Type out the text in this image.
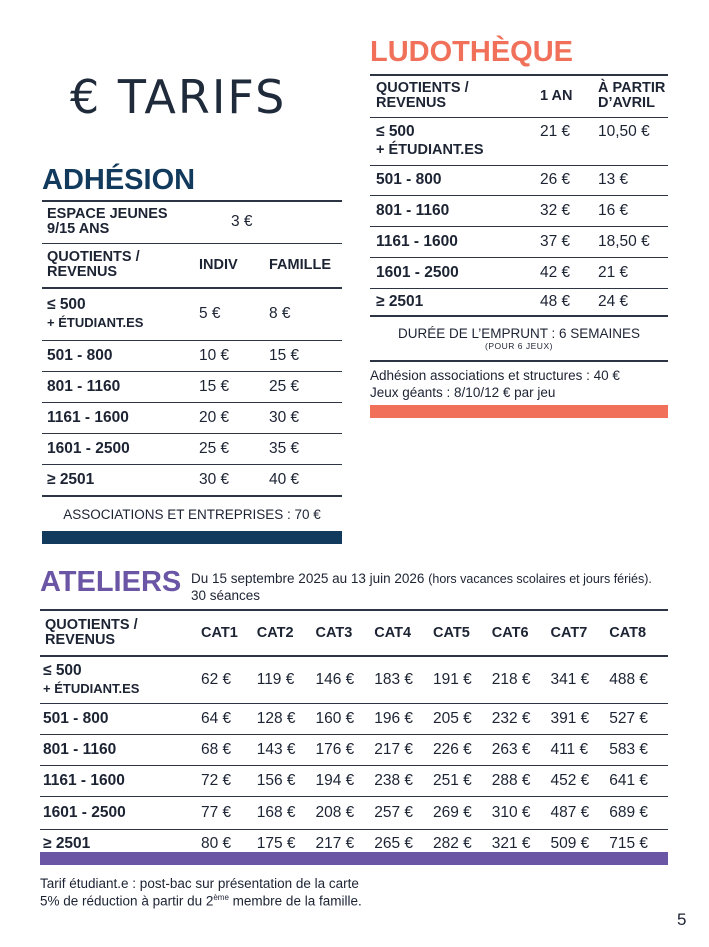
€ TARIFS
LUDOTHÈQUE
QUOTIENTS /
REVENUS	1 AN	À PARTIR
D’AVRIL
≤ 500
+ ÉTUDIANT.ES	21 €	10,50 €
501 - 800	26 €	13 €
801 - 1160	32 €	16 €
1161 - 1600	37 €	18,50 €
1601 - 2500	42 €	21 €
≥ 2501	48 €	24 €
DURÉE DE L’EMPRUNT : 6 SEMAINES
(POUR 6 JEUX)
Adhésion associations et structures : 40 €
Jeux géants : 8/10/12 € par jeu
ADHÉSION
ESPACE JEUNES
9/15 ANS		3 €
QUOTIENTS /
REVENUS	INDIV	FAMILLE
≤ 500
+ ÉTUDIANT.ES	5 €	8 €
501 - 800	10 €	15 €
801 - 1160	15 €	25 €
1161 - 1600	20 €	30 €
1601 - 2500	25 €	35 €
≥ 2501	30 €	40 €
ASSOCIATIONS ET ENTREPRISES : 70 €
ATELIERS Du 15 septembre 2025 au 13 juin 2026 (hors vacances scolaires et jours fériés).
30 séances
QUOTIENTS /
REVENUS	CAT1	CAT2	CAT3	CAT4	CAT5	CAT6	CAT7	CAT8
≤ 500
+ ÉTUDIANT.ES	62 €	119 €	146 €	183 €	191 €	218 €	341 €	488 €
501 - 800	64 €	128 €	160 €	196 €	205 €	232 €	391 €	527 €
801 - 1160	68 €	143 €	176 €	217 €	226 €	263 €	411 €	583 €
1161 - 1600	72 €	156 €	194 €	238 €	251 €	288 €	452 €	641 €
1601 - 2500	77 €	168 €	208 €	257 €	269 €	310 €	487 €	689 €
≥ 2501	80 €	175 €	217 €	265 €	282 €	321 €	509 €	715 €
Tarif étudiant.e : post-bac sur présentation de la carte
5% de réduction à partir du 2ème membre de la famille.
5
